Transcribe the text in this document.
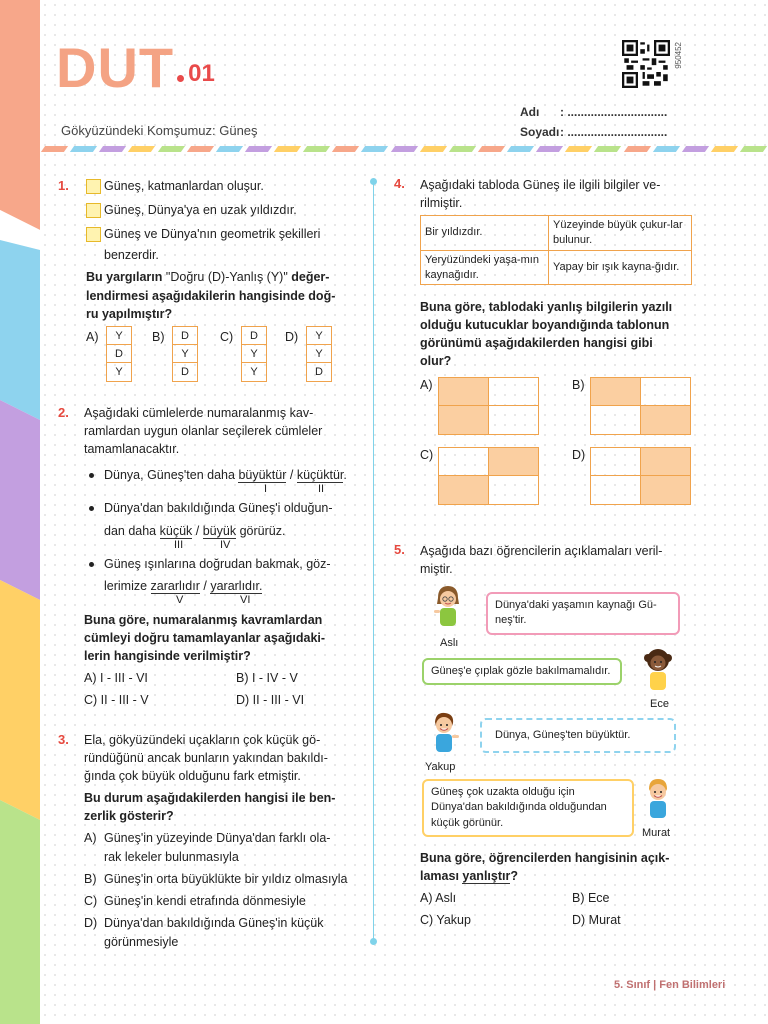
DUT 01
Gökyüzündeki Komşumuz: Güneş
Adı : ..............................
Soyadı: ..............................
950452
1.	Güneş, katmanlardan oluşur.
Güneş, Dünya'ya en uzak yıldızdır.
Güneş ve Dünya'nın geometrik şekilleri
benzerdir.
Bu yargıların "Doğru (D)-Yanlış (Y)" değer-
lendirmesi aşağıdakilerin hangisinde doğ-
ru yapılmıştır?
A)	Y
D
Y
B)	D
Y
D
C)	D
Y
Y
D)	Y
Y
D
2. Aşağıdaki cümlelerde numaralanmış kav-
ramlardan uygun olanlar seçilerek cümleler
tamamlanacaktır.
Dünya, Güneş'ten daha büyüktür / küçüktür.
I	II
Dünya'dan bakıldığında Güneş'i olduğun-
dan daha küçük / büyük görürüz.
III	IV
Güneş ışınlarına doğrudan bakmak, göz-
lerimize zararlıdır / yararlıdır.
V	VI
Buna göre, numaralanmış kavramlardan
cümleyi doğru tamamlayanlar aşağıdaki-
lerin hangisinde verilmiştir?
A) I - III - VI	B) I - IV - V
C) II - III - V	D) II - III - VI
3. Ela, gökyüzündeki uçakların çok küçük gö-
ründüğünü ancak bunların yakından bakıldı-
ğında çok büyük olduğunu fark etmiştir.
Bu durum aşağıdakilerden hangisi ile ben-
zerlik gösterir?
A) Güneş'in yüzeyinde Dünya'dan farklı ola-
rak lekeler bulunmasıyla
B) Güneş'in orta büyüklükte bir yıldız olmasıyla
C) Güneş'in kendi etrafında dönmesiyle
D) Dünya'dan bakıldığında Güneş'in küçük
görünmesiyle
4. Aşağıdaki tabloda Güneş ile ilgili bilgiler ve-
rilmiştir.
Bir yıldızdır.	Yüzeyinde büyük çukur-lar bulunur.
Yeryüzündeki yaşa-mın kaynağıdır.	Yapay bir ışık kayna-ğıdır.
Buna göre, tablodaki yanlış bilgilerin yazılı
olduğu kutucuklar boyandığında tablonun
görünümü aşağıdakilerden hangisi gibi
olur?
A)	B)
C)	D)
5. Aşağıda bazı öğrencilerin açıklamaları veril-
miştir.
Aslı
Dünya'daki yaşamın kaynağı Gü-
neş'tir.
Güneş'e çıplak gözle bakılmamalıdır.
Ece
Yakup
Dünya, Güneş'ten büyüktür.
Güneş çok uzakta olduğu için
Dünya'dan bakıldığında olduğundan
küçük görünür.
Murat
Buna göre, öğrencilerden hangisinin açık-
laması yanlıştır?
A) Aslı	B) Ece
C) Yakup	D) Murat
5. Sınıf | Fen Bilimleri
